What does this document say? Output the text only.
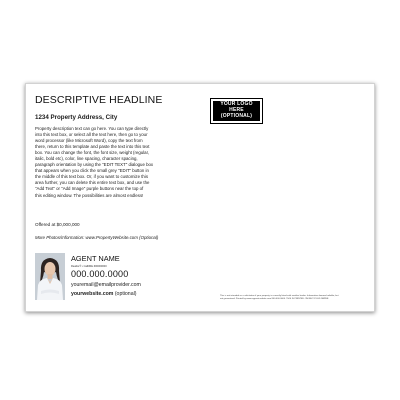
DESCRIPTIVE HEADLINE	YOUR LOGO
HERE
(OPTIONAL)
1234 Property Address, City
Property description text can go here. You can type directly
into this text box, or select all the text here, then go to your
word processor (like Microsoft Word), copy the text from
there, return to this template and paste the text into this text
box. You can change the font, the font size, weight (regular,
italic, bold etc), color, line spacing, character spacing,
paragraph orientation by using the "EDIT TEXT" dialogue box
that appears when you click the small grey "EDIT" button in
the middle of this text box. Or, if you want to customize this
area further, you can delete this entire text box, and use the
"Add Text" or "Add Image" purple buttons near the top of
this editing window. The possibilities are almost endless!
Offered at $0,000,000
More Photos/Information: www.PropertyWebsite.com (Optional)
AGENT NAME
Realtor® • CalDRE #00000000
000.000.0000
youremail@emailprovider.com
yourwebsite.com (optional)	This is not intended as a solicitation if your property is currently listed with another broker. Information deemed reliable, but
not guaranteed. Printed by www.mypostcardsite.com 800.000.0000. THIS IS PRINTED ON RECYCLED PAPER.
